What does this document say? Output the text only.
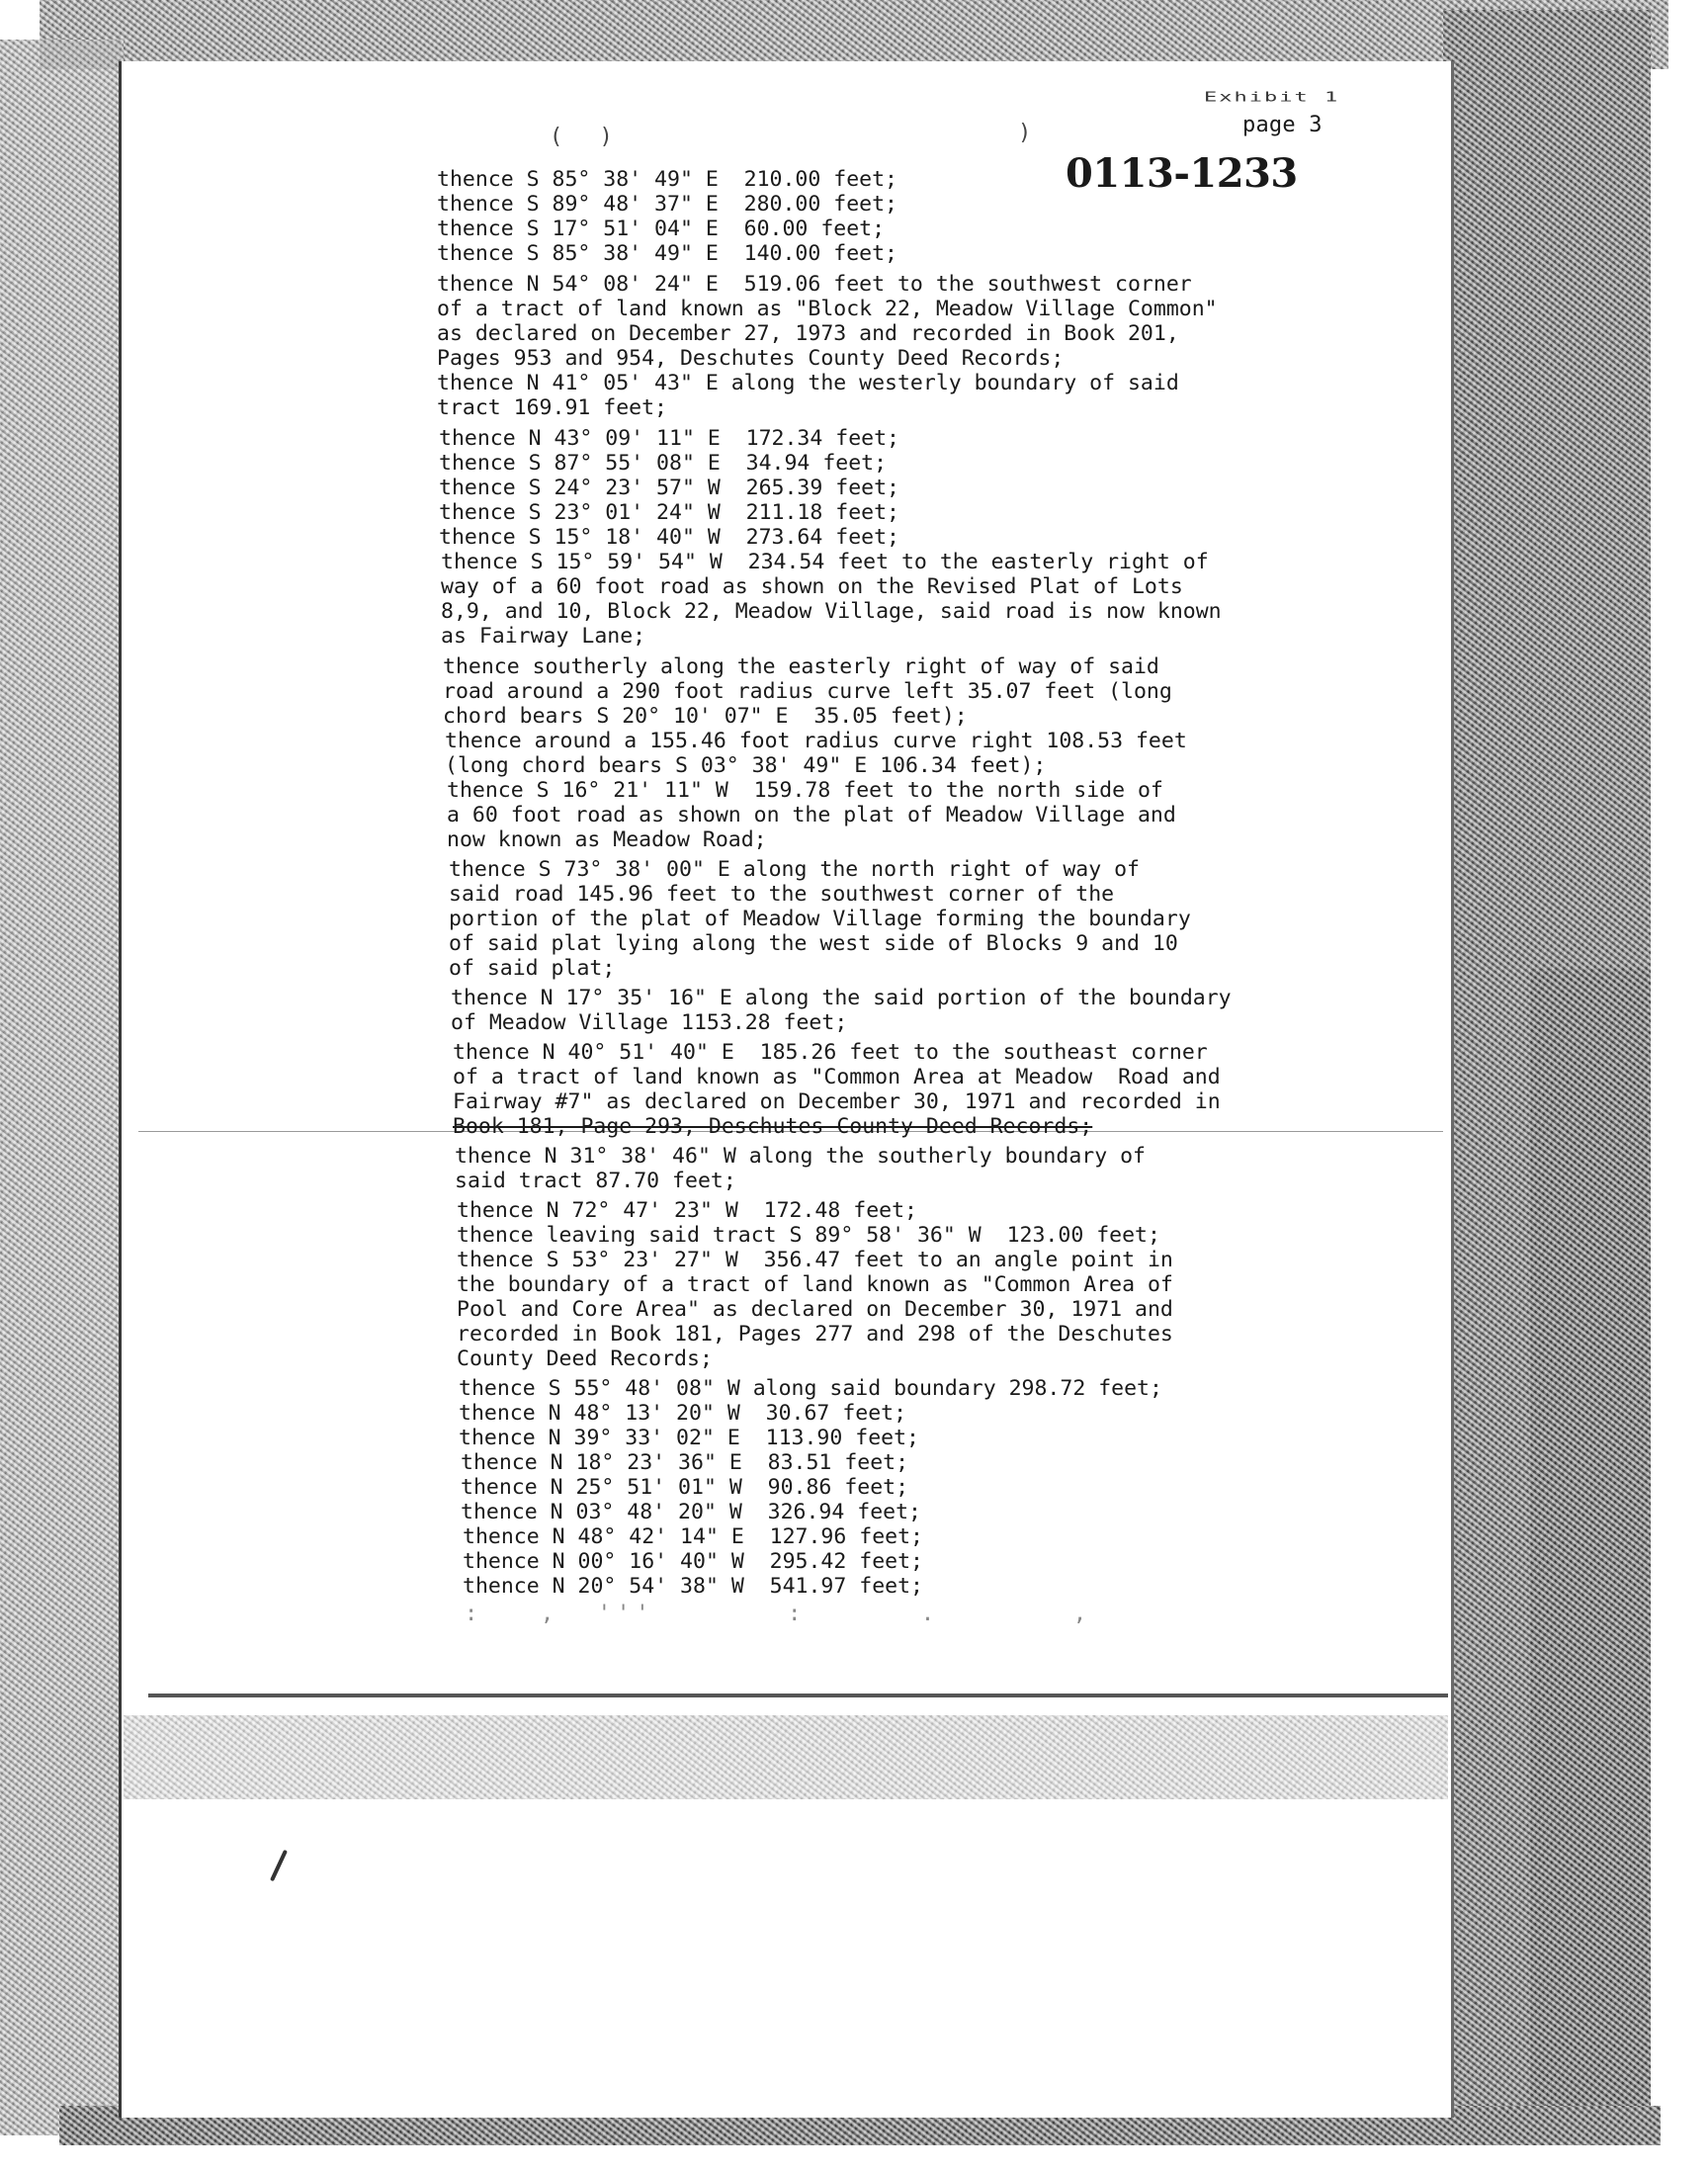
Exhibit 1
page 3
0113-1233
( )	)
thence S 85° 38' 49" E  210.00 feet;
thence S 89° 48' 37" E  280.00 feet;
thence S 17° 51' 04" E  60.00 feet;
thence S 85° 38' 49" E  140.00 feet;
thence N 54° 08' 24" E  519.06 feet to the southwest corner
of a tract of land known as "Block 22, Meadow Village Common"
as declared on December 27, 1973 and recorded in Book 201,
Pages 953 and 954, Deschutes County Deed Records;
thence N 41° 05' 43" E along the westerly boundary of said
tract 169.91 feet;
thence N 43° 09' 11" E  172.34 feet;
thence S 87° 55' 08" E  34.94 feet;
thence S 24° 23' 57" W  265.39 feet;
thence S 23° 01' 24" W  211.18 feet;
thence S 15° 18' 40" W  273.64 feet;
thence S 15° 59' 54" W  234.54 feet to the easterly right of
way of a 60 foot road as shown on the Revised Plat of Lots
8,9, and 10, Block 22, Meadow Village, said road is now known
as Fairway Lane;
thence southerly along the easterly right of way of said
road around a 290 foot radius curve left 35.07 feet (long
chord bears S 20° 10' 07" E  35.05 feet);
thence around a 155.46 foot radius curve right 108.53 feet
(long chord bears S 03° 38' 49" E 106.34 feet);
thence S 16° 21' 11" W  159.78 feet to the north side of
a 60 foot road as shown on the plat of Meadow Village and
now known as Meadow Road;
thence S 73° 38' 00" E along the north right of way of
said road 145.96 feet to the southwest corner of the
portion of the plat of Meadow Village forming the boundary
of said plat lying along the west side of Blocks 9 and 10
of said plat;
thence N 17° 35' 16" E along the said portion of the boundary
of Meadow Village 1153.28 feet;
thence N 40° 51' 40" E  185.26 feet to the southeast corner
of a tract of land known as "Common Area at Meadow  Road and
Fairway #7" as declared on December 30, 1971 and recorded in
Book 181, Page 293, Deschutes County Deed Records;
thence N 31° 38' 46" W along the southerly boundary of
said tract 87.70 feet;
thence N 72° 47' 23" W  172.48 feet;
thence leaving said tract S 89° 58' 36" W  123.00 feet;
thence S 53° 23' 27" W  356.47 feet to an angle point in
the boundary of a tract of land known as "Common Area of
Pool and Core Area" as declared on December 30, 1971 and
recorded in Book 181, Pages 277 and 298 of the Deschutes
County Deed Records;
thence S 55° 48' 08" W along said boundary 298.72 feet;
thence N 48° 13' 20" W  30.67 feet;
thence N 39° 33' 02" E  113.90 feet;
thence N 18° 23' 36" E  83.51 feet;
thence N 25° 51' 01" W  90.86 feet;
thence N 03° 48' 20" W  326.94 feet;
thence N 48° 42' 14" E  127.96 feet;
thence N 00° 16' 40" W  295.42 feet;
thence N 20° 54' 38" W  541.97 feet;
:   ,  '''       :      .       ,
